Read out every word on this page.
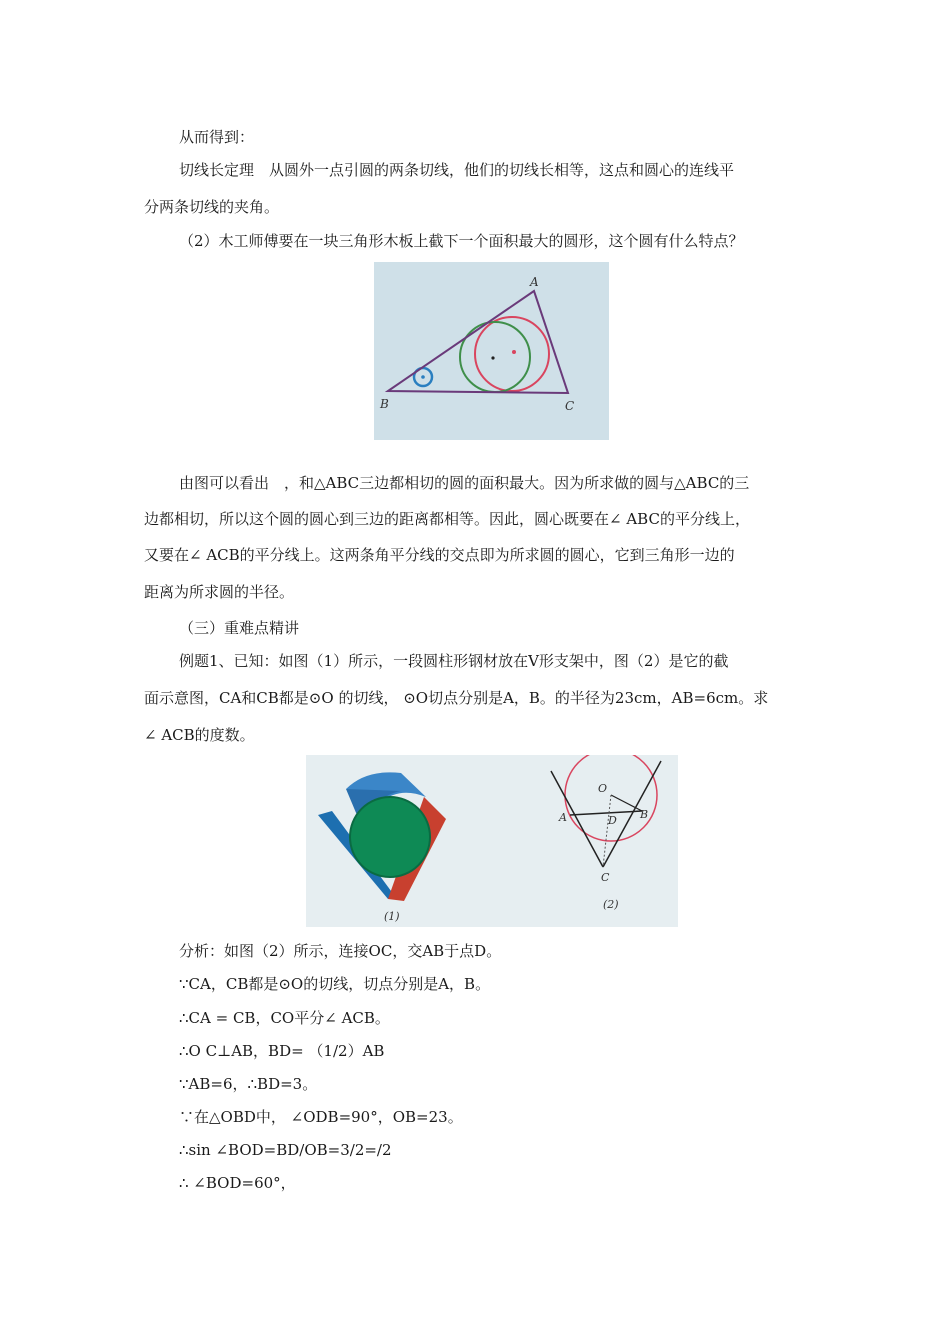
从而得到：
切线长定理　从圆外一点引圆的两条切线，他们的切线长相等，这点和圆心的连线平
分两条切线的夹角。
（2）木工师傅要在一块三角形木板上截下一个面积最大的圆形，这个圆有什么特点？
A
B	C
由图可以看出　，和△ABC三边都相切的圆的面积最大。因为所求做的圆与△ABC的三
边都相切，所以这个圆的圆心到三边的距离都相等。因此，圆心既要在∠ ABC的平分线上，
又要在∠ ACB的平分线上。这两条角平分线的交点即为所求圆的圆心，它到三角形一边的
距离为所求圆的半径。
（三）重难点精讲
例题1、已知：如图（1）所示，一段圆柱形钢材放在V形支架中，图（2）是它的截
面示意图，CA和CB都是⊙O 的切线， ⊙O切点分别是A，B。的半径为23cm，AB=6cm。求
∠ ACB的度数。
(1)
O
A	B
D
C
(2)
分析：如图（2）所示，连接OC，交AB于点D。
∵CA，CB都是⊙O的切线，切点分别是A，B。
∴CA = CB，CO平分∠ ACB。
∴O C⊥AB，BD= （1/2）AB
∵AB=6，∴BD=3。
∵在△OBD中， ∠ODB=90°，OB=23。
∴sin ∠BOD=BD/OB=3/2=/2
∴ ∠BOD=60°，
